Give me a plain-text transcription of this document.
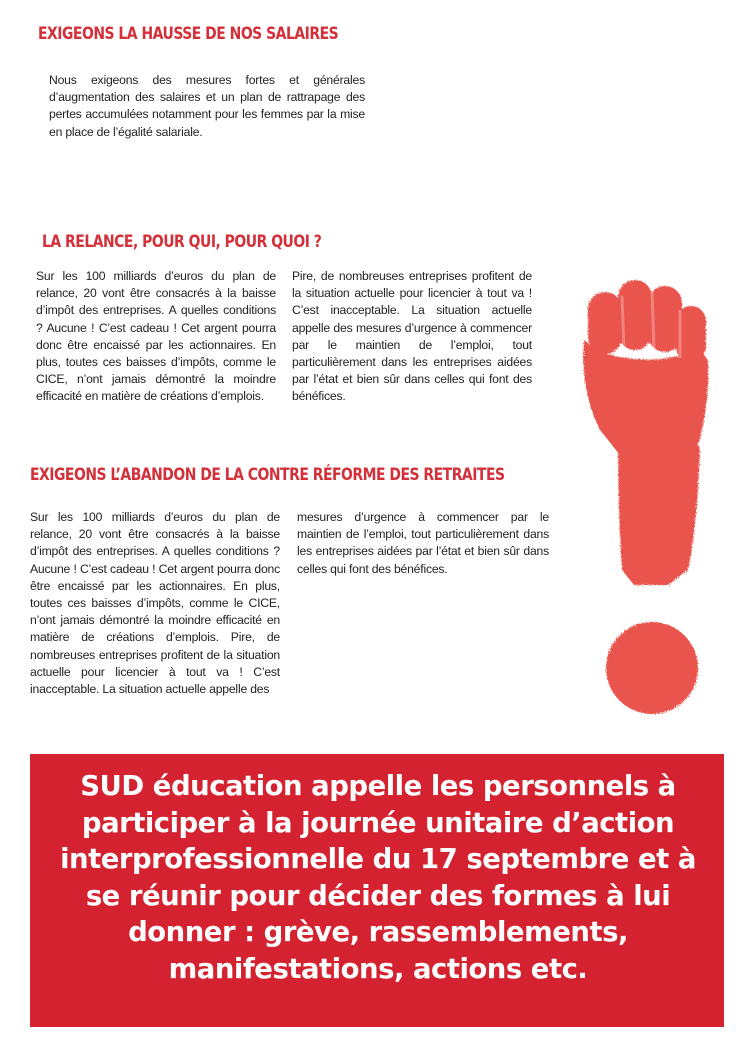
EXIGEONS LA HAUSSE DE NOS SALAIRES

Nous exigeons des mesures fortes et générales d’augmentation des salaires et un plan de rattrapage des pertes accumulées notamment pour les femmes par la mise en place de l’égalité salariale.

LA RELANCE, POUR QUI, POUR QUOI ?

Sur les 100 milliards d’euros du plan de relance, 20 vont être consacrés à la baisse d’impôt des entreprises. A quelles conditions ? Aucune ! C’est cadeau ! Cet argent pourra donc être encaissé par les actionnaires. En plus, toutes ces baisses d’impôts, comme le CICE, n’ont jamais démontré la moindre efficacité en matière de créations d’emplois.

Pire, de nombreuses entreprises profitent de la situation actuelle pour licencier à tout va ! C’est inacceptable. La situation actuelle appelle des mesures d’urgence à commencer par le maintien de l’emploi, tout particulièrement dans les entreprises aidées par l’état et bien sûr dans celles qui font des bénéfices.

EXIGEONS L’ABANDON DE LA CONTRE RÉFORME DES RETRAITES

Sur les 100 milliards d’euros du plan de relance, 20 vont être consacrés à la baisse d’impôt des entreprises. A quelles conditions ? Aucune ! C’est cadeau ! Cet argent pourra donc être encaissé par les actionnaires. En plus, toutes ces baisses d’impôts, comme le CICE, n’ont jamais démontré la moindre efficacité en matière de créations d’emplois. Pire, de nombreuses entreprises profitent de la situation actuelle pour licencier à tout va ! C’est inacceptable. La situation actuelle appelle des

mesures d’urgence à commencer par le maintien de l’emploi, tout particulièrement dans les entreprises aidées par l’état et bien sûr dans celles qui font des bénéfices.

SUD éducation appelle les personnels à participer à la journée unitaire d’action interprofessionnelle du 17 septembre et à se réunir pour décider des formes à lui donner : grève, rassemblements, manifestations, actions etc.
